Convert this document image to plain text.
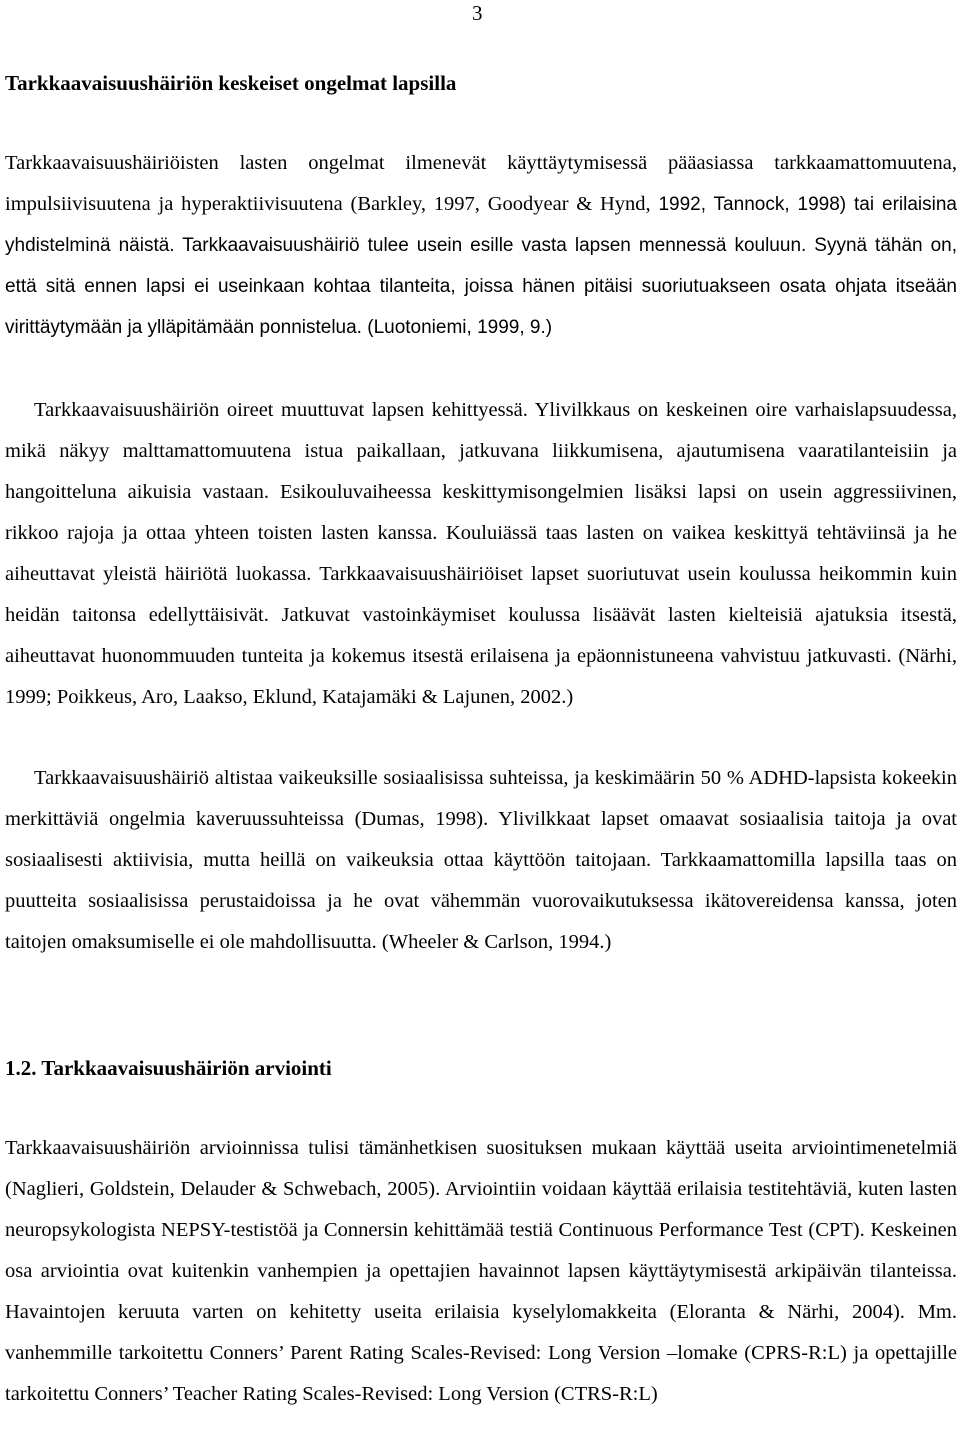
3
Tarkkaavaisuushäiriön keskeiset ongelmat lapsilla

Tarkkaavaisuushäiriöisten lasten ongelmat ilmenevät käyttäytymisessä pääasiassa tarkkaamattomuutena, impulsiivisuutena ja hyperaktiivisuutena (Barkley, 1997, Goodyear & Hynd, 1992, Tannock, 1998) tai erilaisina yhdistelminä näistä. Tarkkaavaisuushäiriö tulee usein esille vasta lapsen mennessä kouluun. Syynä tähän on, että sitä ennen lapsi ei useinkaan kohtaa tilanteita, joissa hänen pitäisi suoriutuakseen osata ohjata itseään virittäytymään ja ylläpitämään ponnistelua. (Luotoniemi, 1999, 9.)

Tarkkaavaisuushäiriön oireet muuttuvat lapsen kehittyessä. Ylivilkkaus on keskeinen oire varhaislapsuudessa, mikä näkyy malttamattomuutena istua paikallaan, jatkuvana liikkumisena, ajautumisena vaaratilanteisiin ja hangoitteluna aikuisia vastaan. Esikouluvaiheessa keskittymisongelmien lisäksi lapsi on usein aggressiivinen, rikkoo rajoja ja ottaa yhteen toisten lasten kanssa. Kouluiässä taas lasten on vaikea keskittyä tehtäviinsä ja he aiheuttavat yleistä häiriötä luokassa. Tarkkaavaisuushäiriöiset lapset suoriutuvat usein koulussa heikommin kuin heidän taitonsa edellyttäisivät. Jatkuvat vastoinkäymiset koulussa lisäävät lasten kielteisiä ajatuksia itsestä, aiheuttavat huonommuuden tunteita ja kokemus itsestä erilaisena ja epäonnistuneena vahvistuu jatkuvasti. (Närhi, 1999; Poikkeus, Aro, Laakso, Eklund, Katajamäki & Lajunen, 2002.)

Tarkkaavaisuushäiriö altistaa vaikeuksille sosiaalisissa suhteissa, ja keskimäärin 50 % ADHD-lapsista kokeekin merkittäviä ongelmia kaveruussuhteissa (Dumas, 1998). Ylivilkkaat lapset omaavat sosiaalisia taitoja ja ovat sosiaalisesti aktiivisia, mutta heillä on vaikeuksia ottaa käyttöön taitojaan. Tarkkaamattomilla lapsilla taas on puutteita sosiaalisissa perustaidoissa ja he ovat vähemmän vuorovaikutuksessa ikätovereidensa kanssa, joten taitojen omaksumiselle ei ole mahdollisuutta. (Wheeler & Carlson, 1994.)

1.2. Tarkkaavaisuushäiriön arviointi

Tarkkaavaisuushäiriön arvioinnissa tulisi tämänhetkisen suosituksen mukaan käyttää useita arviointimenetelmiä (Naglieri, Goldstein, Delauder & Schwebach, 2005). Arviointiin voidaan käyttää erilaisia testitehtäviä, kuten lasten neuropsykologista NEPSY-testistöä ja Connersin kehittämää testiä Continuous Performance Test (CPT). Keskeinen osa arviointia ovat kuitenkin vanhempien ja opettajien havainnot lapsen käyttäytymisestä arkipäivän tilanteissa. Havaintojen keruuta varten on kehitetty useita erilaisia kyselylomakkeita (Eloranta & Närhi, 2004). Mm. vanhemmille tarkoitettu Conners’ Parent Rating Scales-Revised: Long Version –lomake (CPRS-R:L) ja opettajille tarkoitettu Conners’ Teacher Rating Scales-Revised: Long Version (CTRS-R:L)
